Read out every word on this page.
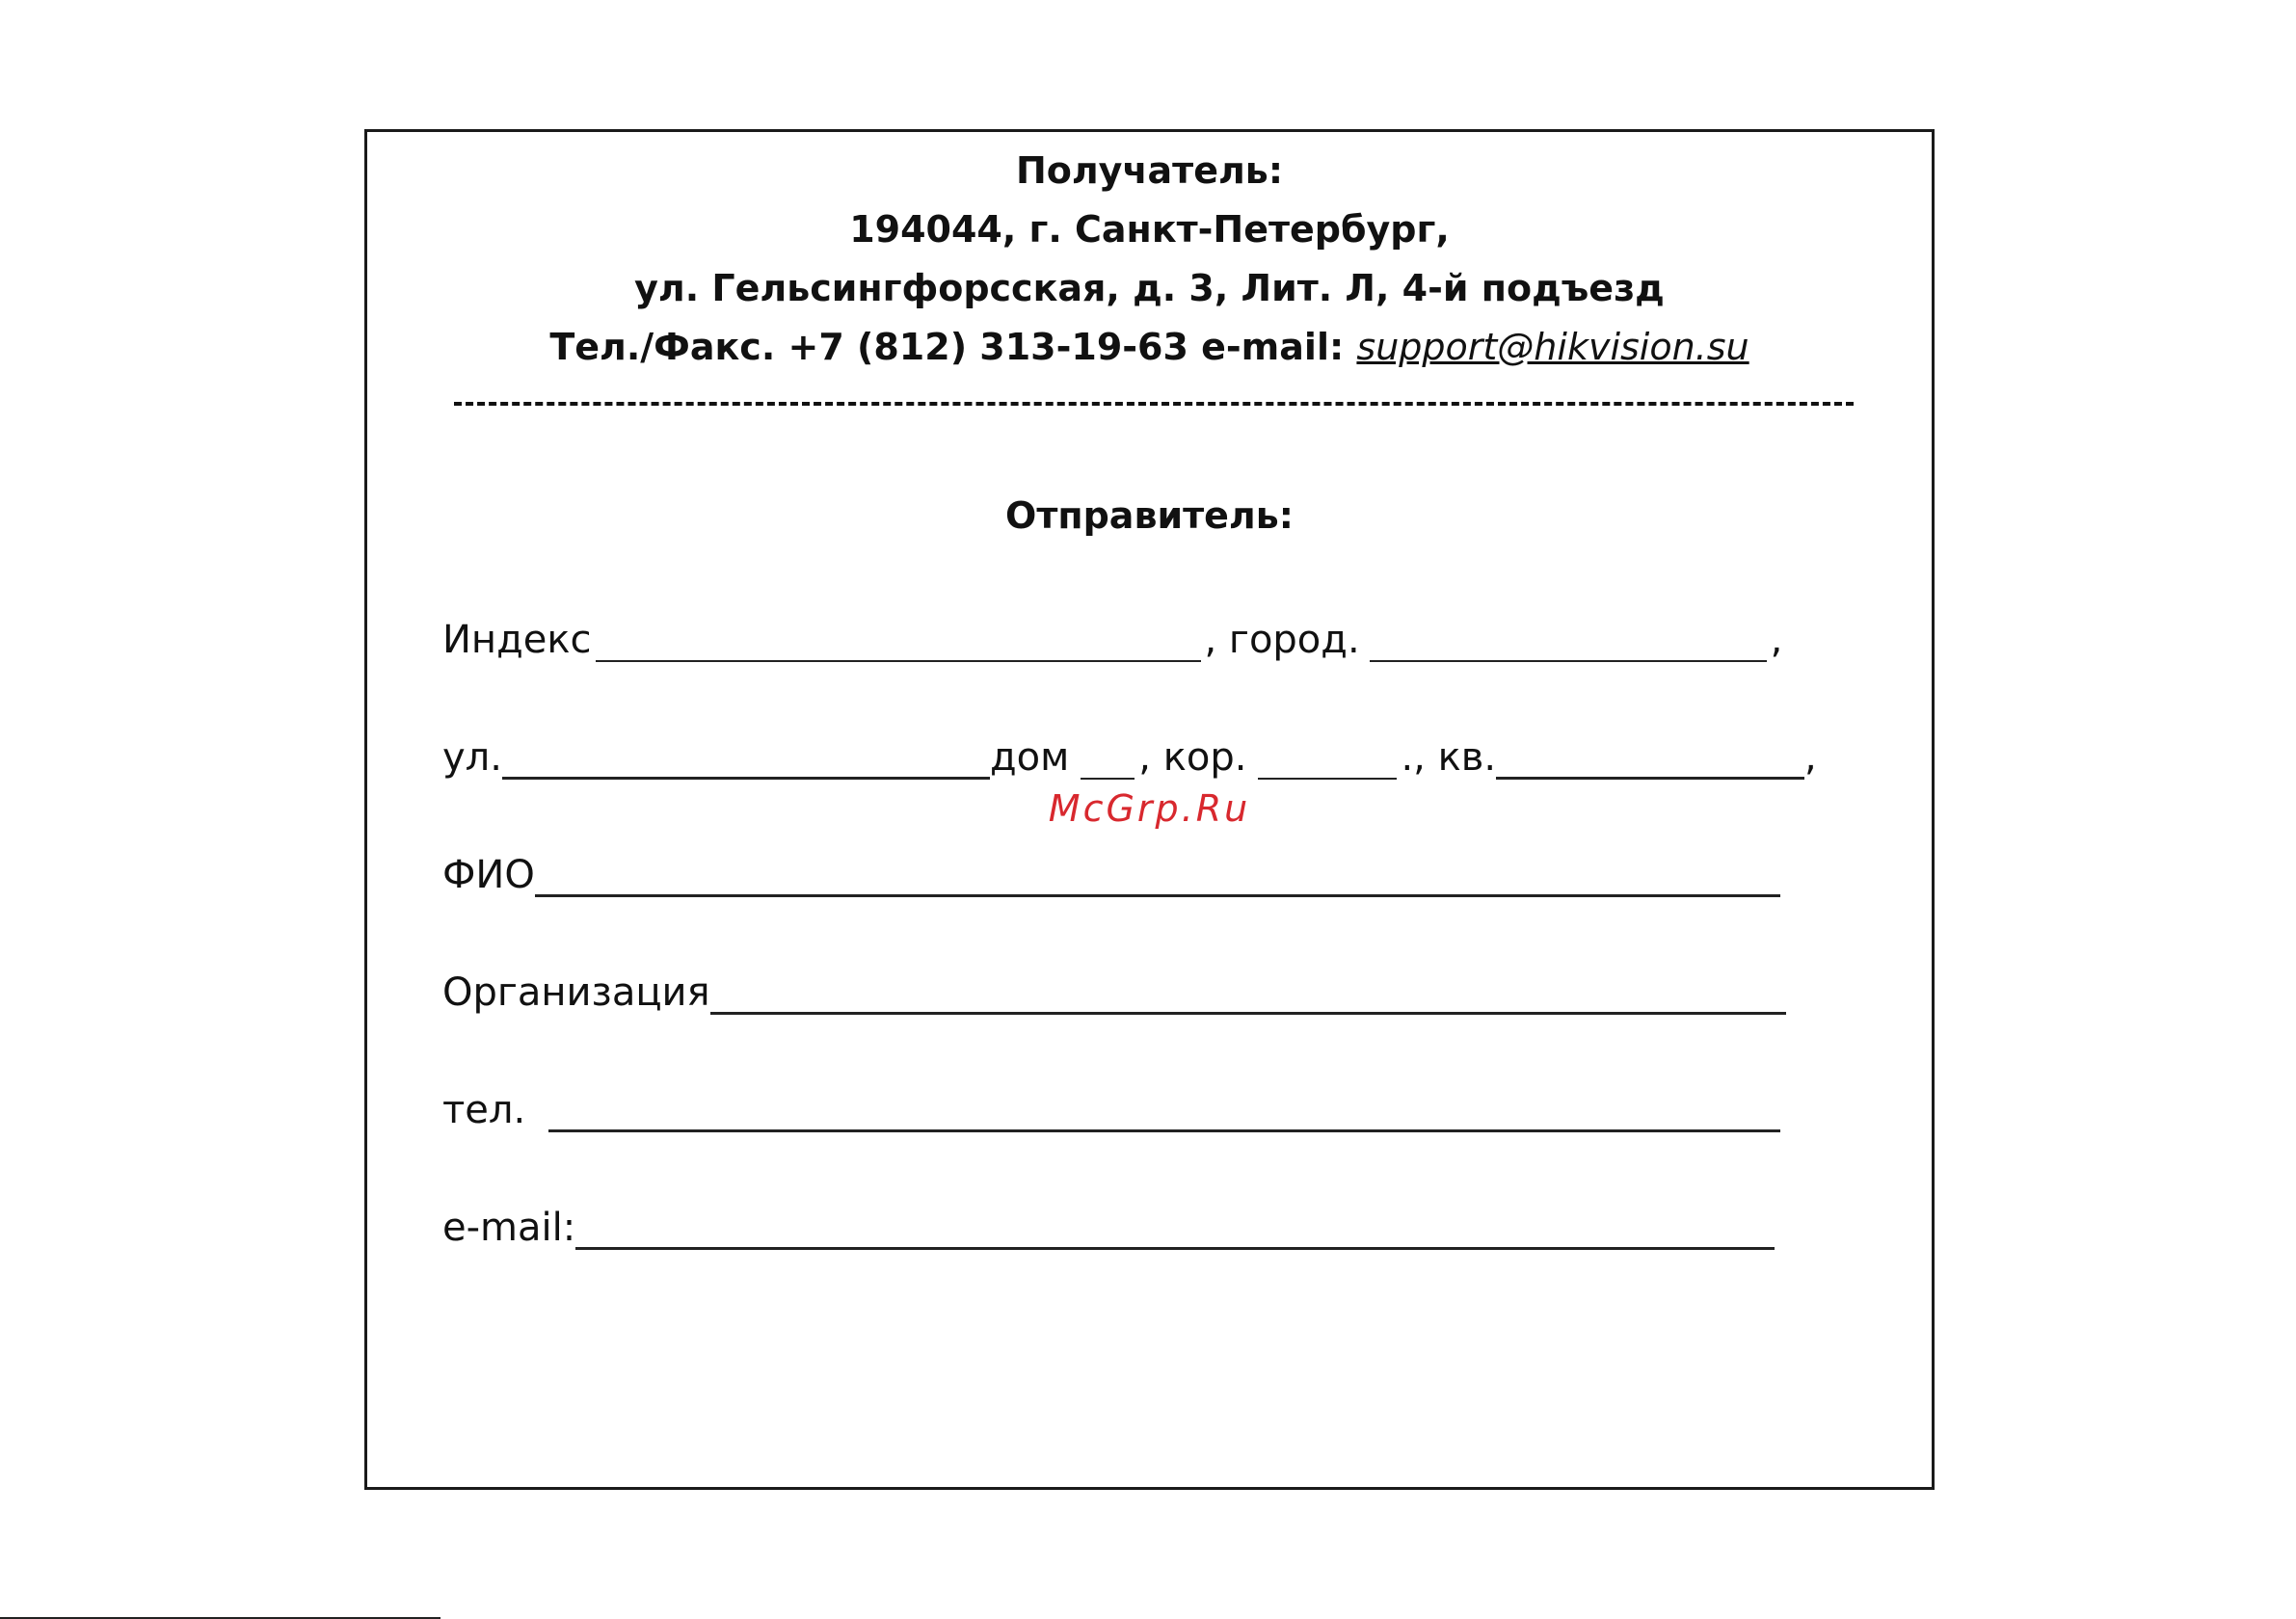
Получатель:
194044, г. Санкт-Петербург,
ул. Гельсингфорсская, д. 3, Лит. Л, 4-й подъезд
Тел./Факс. +7 (812) 313-19-63 e-mail: support@hikvision.su
Отправитель:
Индекс	, город.	,
ул.	дом , кор.	., кв.	,
McGrp.Ru
ФИО
Организация
тел.
e-mail:
